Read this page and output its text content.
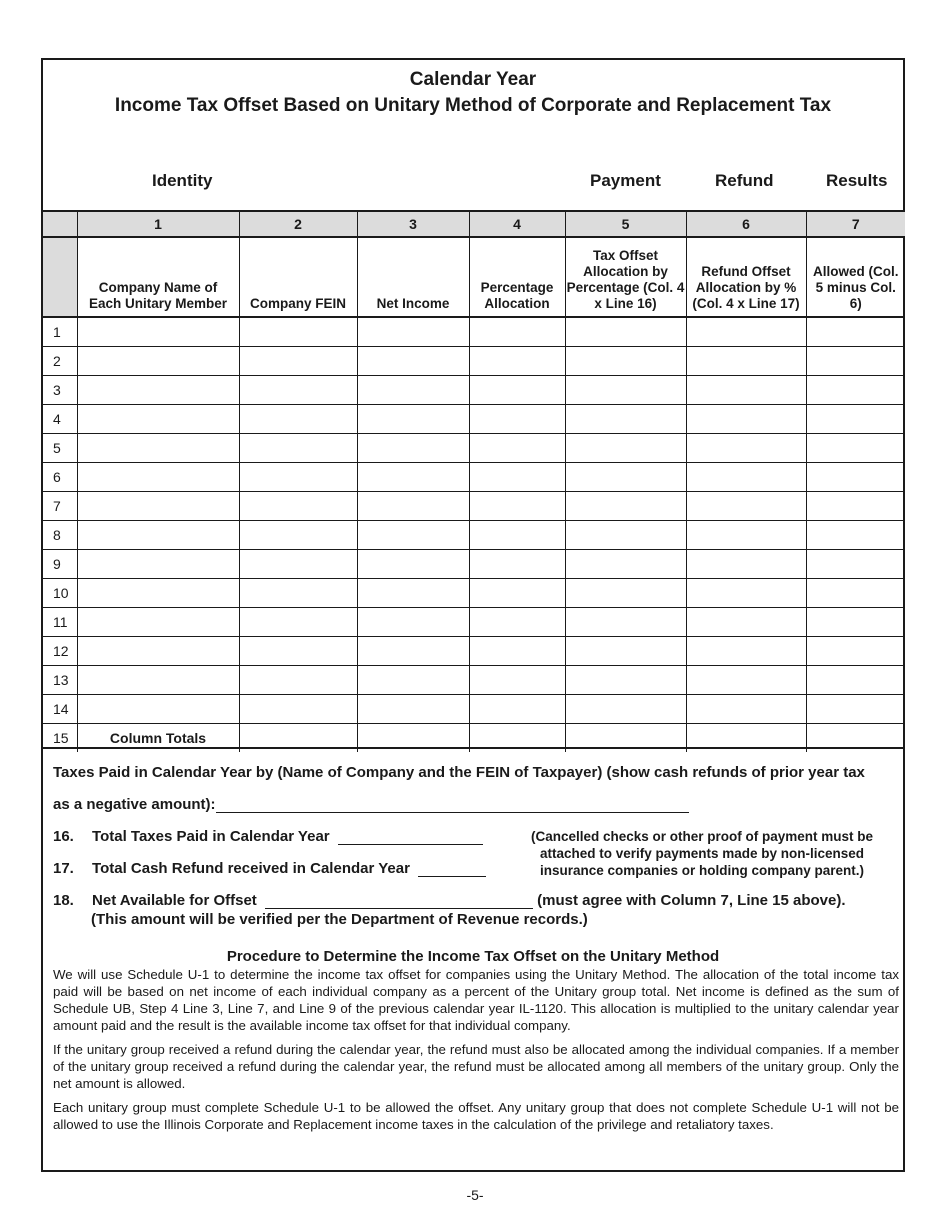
Calendar Year
Income Tax Offset Based on Unitary Method of Corporate and Replacement Tax
Identity	Payment	Refund	Results
	1	2	3	4	5	6	7
	Company Name of Each Unitary Member	Company FEIN	Net Income	Percentage Allocation	Tax Offset Allocation by Percentage (Col. 4 x Line 16)	Refund Offset Allocation by % (Col. 4 x Line 17)	Allowed (Col. 5 minus Col. 6)
1							
2							
3							
4							
5							
6							
7							
8							
9							
10							
11							
12							
13							
14							
15	Column Totals						
Taxes Paid in Calendar Year by (Name of Company and the FEIN of Taxpayer) (show cash refunds of prior year tax
as a negative amount):
16. Total Taxes Paid in Calendar Year
17. Total Cash Refund received in Calendar Year
(Cancelled checks or other proof of payment must be attached to verify payments made by non-licensed insurance companies or holding company parent.)
18. Net Available for Offset	(must agree with Column 7, Line 15 above).
(This amount will be verified per the Department of Revenue records.)
Procedure to Determine the Income Tax Offset on the Unitary Method
We will use Schedule U-1 to determine the income tax offset for companies using the Unitary Method. The allocation of the total income tax paid will be based on net income of each individual company as a percent of the Unitary group total. Net income is defined as the sum of Schedule UB, Step 4 Line 3, Line 7, and Line 9 of the previous calendar year IL-1120. This allocation is multiplied to the unitary calendar year amount paid and the result is the available income tax offset for that individual company.
If the unitary group received a refund during the calendar year, the refund must also be allocated among the individual companies. If a member of the unitary group received a refund during the calendar year, the refund must be allocated among all members of the unitary group. Only the net amount is allowed.
Each unitary group must complete Schedule U-1 to be allowed the offset. Any unitary group that does not complete Schedule U-1 will not be allowed to use the Illinois Corporate and Replacement income taxes in the calculation of the privilege and retaliatory taxes.
-5-
